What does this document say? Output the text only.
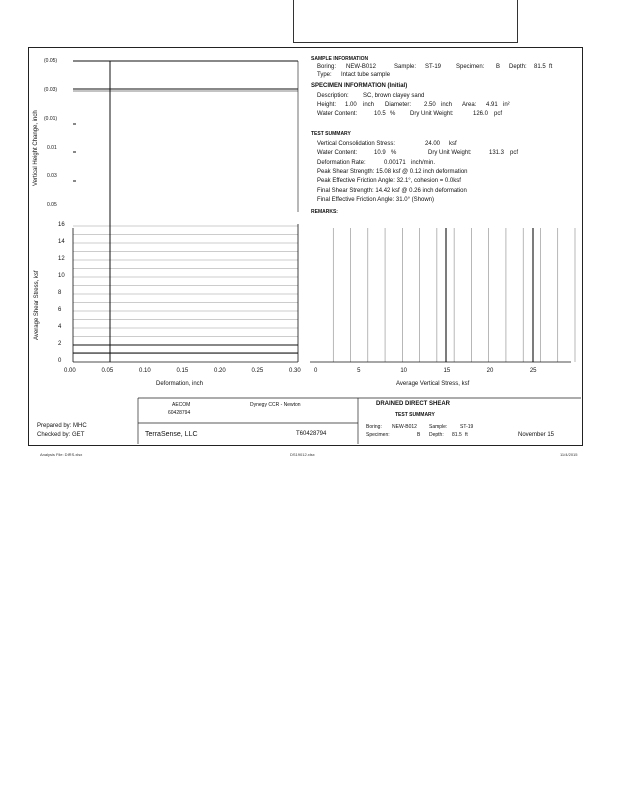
Vertical Height Change, inch
(0.05)
(0.03)
(0.01)
0.01
0.03
0.05
SAMPLE INFORMATION
Boring: NEW-B012	Sample: ST-19 Specimen: B Depth: 81.5 ft
Type: Intact tube sample
SPECIMEN INFORMATION (Initial)
Description: SC, brown clayey sand
Height: 1.00 inch Diameter: 2.50 inch Area: 4.91 in²
Water Content:	10.5 % Dry Unit Weight:	126.0 pcf
TEST SUMMARY
Vertical Consolidation Stress:	24.00 ksf
Water Content:	10.9 %	Dry Unit Weight:	131.3 pcf
Deformation Rate:	0.00171 inch/min.
Peak Shear Strength: 15.08 ksf @ 0.12 inch deformation
Peak Effective Friction Angle: 32.1°, cohesion = 0.0ksf
Final Shear Strength: 14.42 ksf @ 0.26 inch deformation
Final Effective Friction Angle: 31.0° (Shown)
REMARKS:
Average Shear Stress, ksf
0
2
4
6
8
10
12
14
16
0.00	0.05	0.10	0.15	0.20	0.25	0.30
Deformation, inch
0	5	10	15	20	25
Average Vertical Stress, ksf
AECOM
60428794
Dynegy CCR - Newton	DRAINED DIRECT SHEAR
TEST SUMMARY
Boring: NEW-B012 Sample:	ST-19
Specimen:	B Depth: 81.5 ft
Prepared by: MHC
Checked by: GET	TerraSense, LLC	T60428794	November 15
Analysis File: DIRS.xlsx	DS19012.xlsx	11/4/2015
